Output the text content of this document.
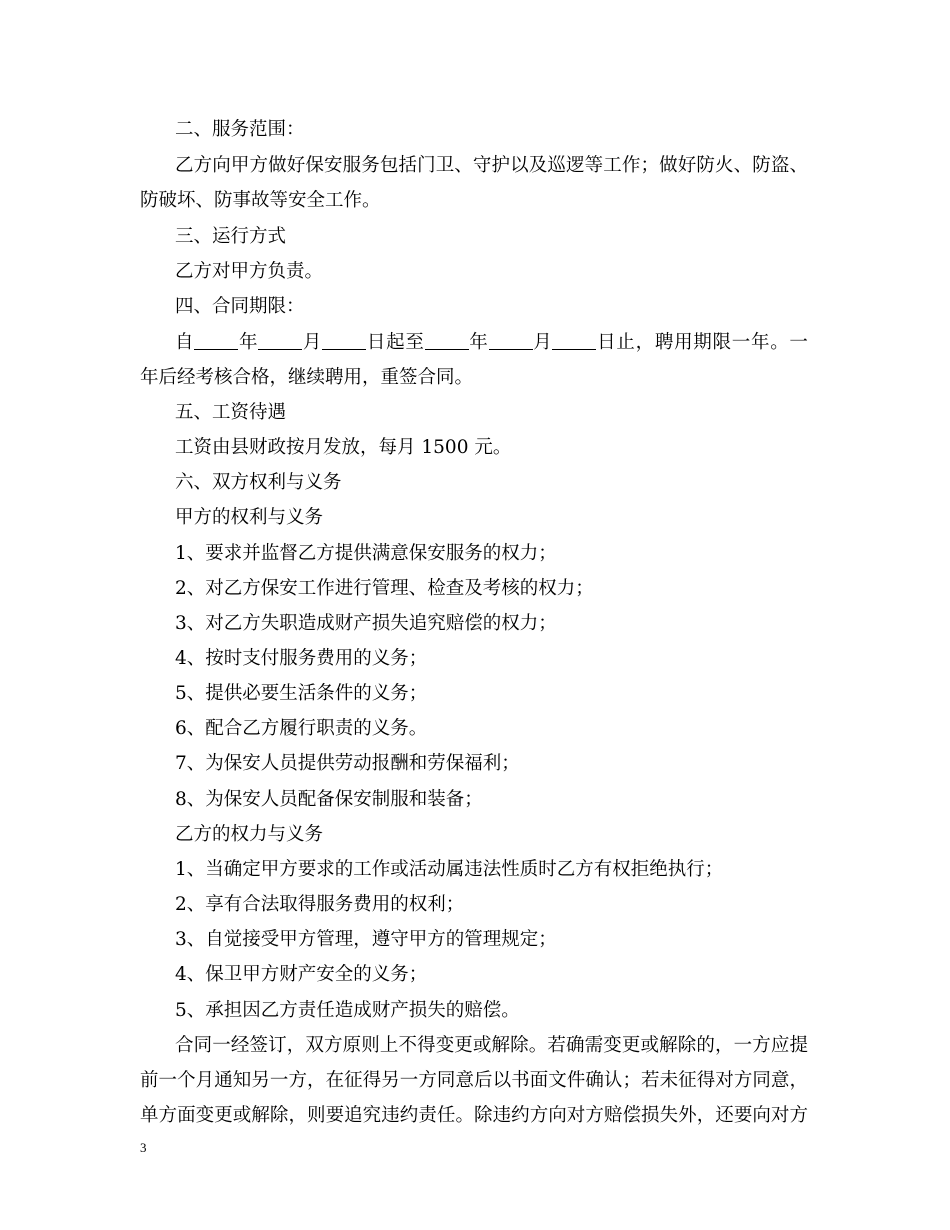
二、服务范围：
乙方向甲方做好保安服务包括门卫、守护以及巡逻等工作；做好防火、防盗、
防破坏、防事故等安全工作。
三、运行方式
乙方对甲方负责。
四、合同期限：
自 年 月 日起至 年 月 日止，聘用期限一年。一
年后经考核合格，继续聘用，重签合同。
五、工资待遇
工资由县财政按月发放，每月 1500 元。
六、双方权利与义务
甲方的权利与义务
1、要求并监督乙方提供满意保安服务的权力；
2、对乙方保安工作进行管理、检查及考核的权力；
3、对乙方失职造成财产损失追究赔偿的权力；
4、按时支付服务费用的义务；
5、提供必要生活条件的义务；
6、配合乙方履行职责的义务。
7、为保安人员提供劳动报酬和劳保福利；
8、为保安人员配备保安制服和装备；
乙方的权力与义务
1、当确定甲方要求的工作或活动属违法性质时乙方有权拒绝执行；
2、享有合法取得服务费用的权利；
3、自觉接受甲方管理，遵守甲方的管理规定；
4、保卫甲方财产安全的义务；
5、承担因乙方责任造成财产损失的赔偿。
合同一经签订，双方原则上不得变更或解除。若确需变更或解除的，一方应提
前一个月通知另一方，在征得另一方同意后以书面文件确认；若未征得对方同意，
单方面变更或解除，则要追究违约责任。除违约方向对方赔偿损失外，还要向对方
3
